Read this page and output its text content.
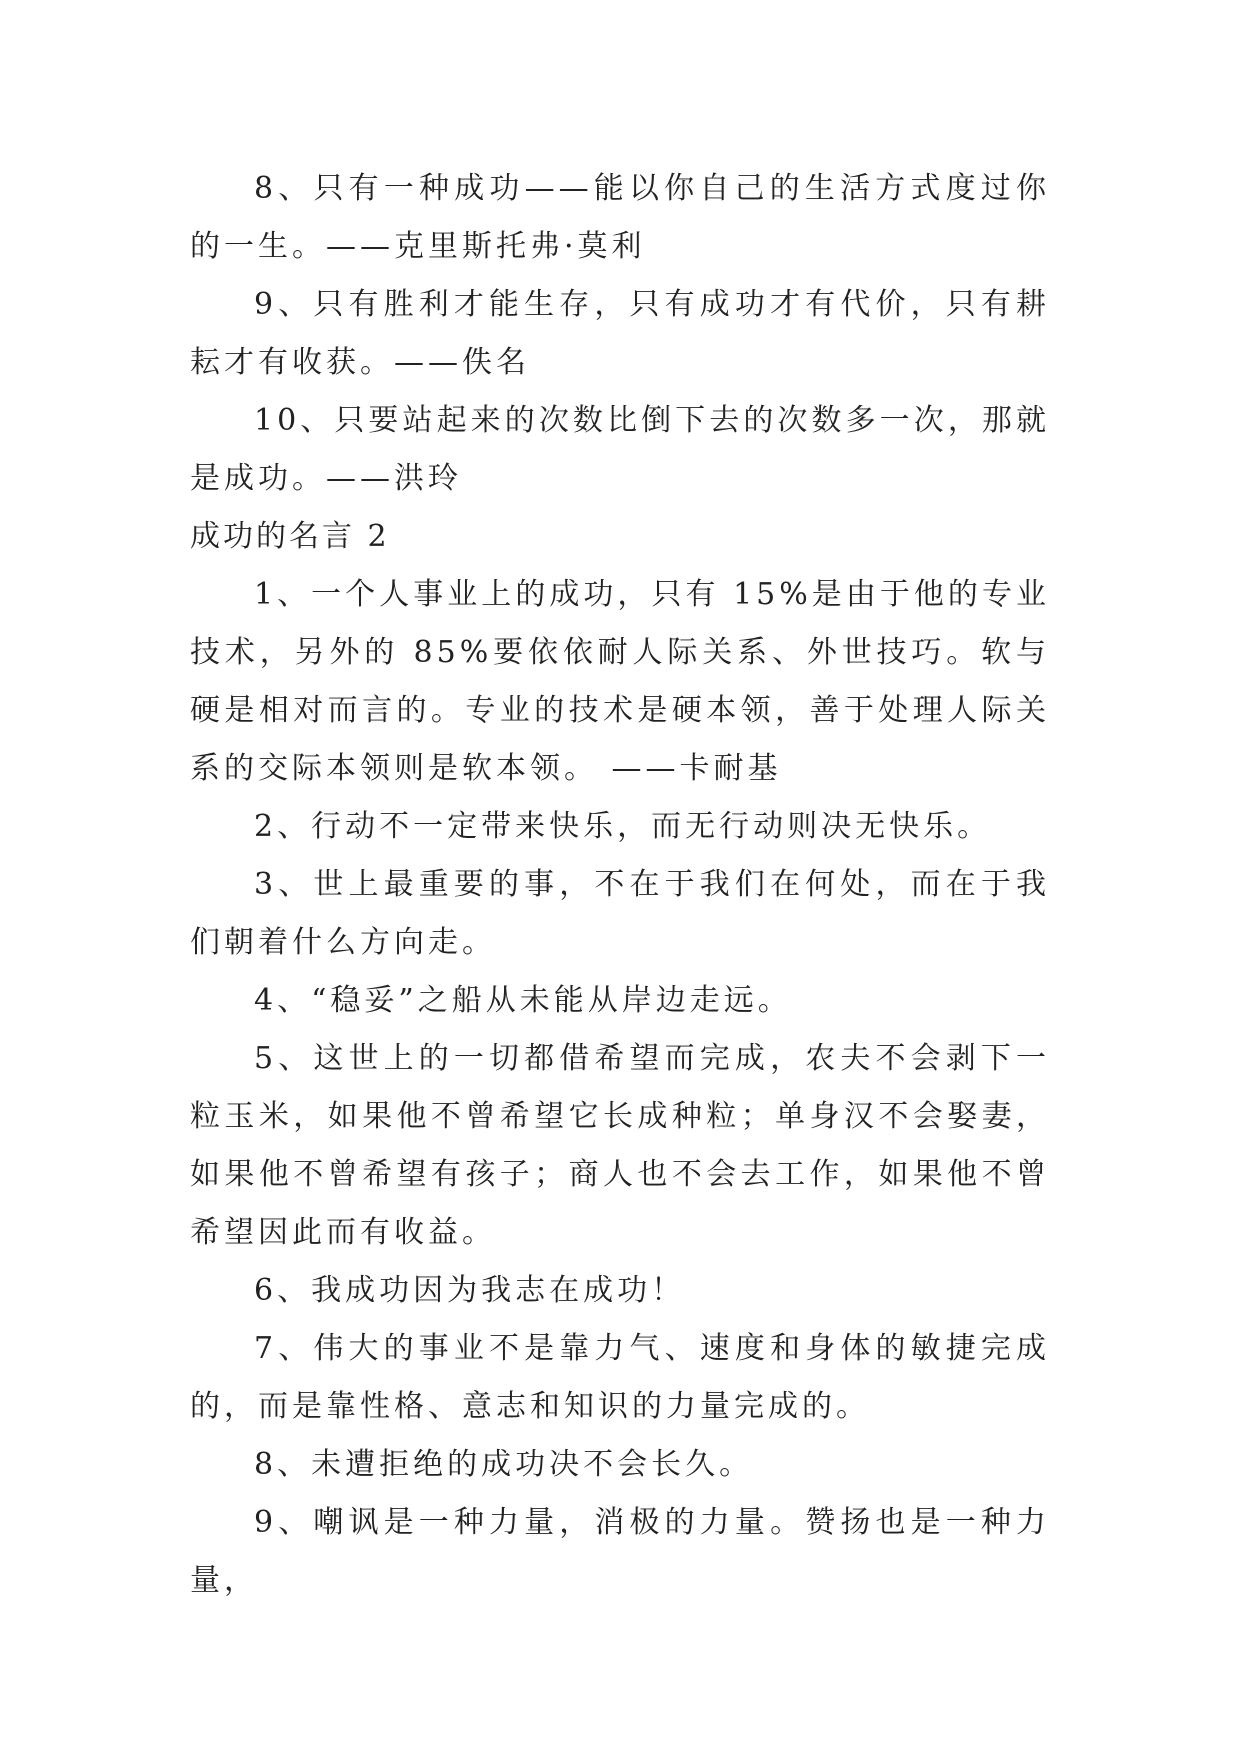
8、只有一种成功——能以你自己的生活方式度过你的一生。——克里斯托弗·莫利

9、只有胜利才能生存，只有成功才有代价，只有耕耘才有收获。——佚名

10、只要站起来的次数比倒下去的次数多一次，那就是成功。——洪玲

成功的名言 2

1、一个人事业上的成功，只有 15%是由于他的专业技术，另外的 85%要依依耐人际关系、外世技巧。软与硬是相对而言的。专业的技术是硬本领，善于处理人际关系的交际本领则是软本领。 ——卡耐基

2、行动不一定带来快乐，而无行动则决无快乐。

3、世上最重要的事，不在于我们在何处，而在于我们朝着什么方向走。

4、“稳妥”之船从未能从岸边走远。

5、这世上的一切都借希望而完成，农夫不会剥下一粒玉米，如果他不曾希望它长成种粒；单身汉不会娶妻，如果他不曾希望有孩子；商人也不会去工作，如果他不曾希望因此而有收益。

6、我成功因为我志在成功！

7、伟大的事业不是靠力气、速度和身体的敏捷完成的，而是靠性格、意志和知识的力量完成的。

8、未遭拒绝的成功决不会长久。

9、嘲讽是一种力量，消极的力量。赞扬也是一种力量，
